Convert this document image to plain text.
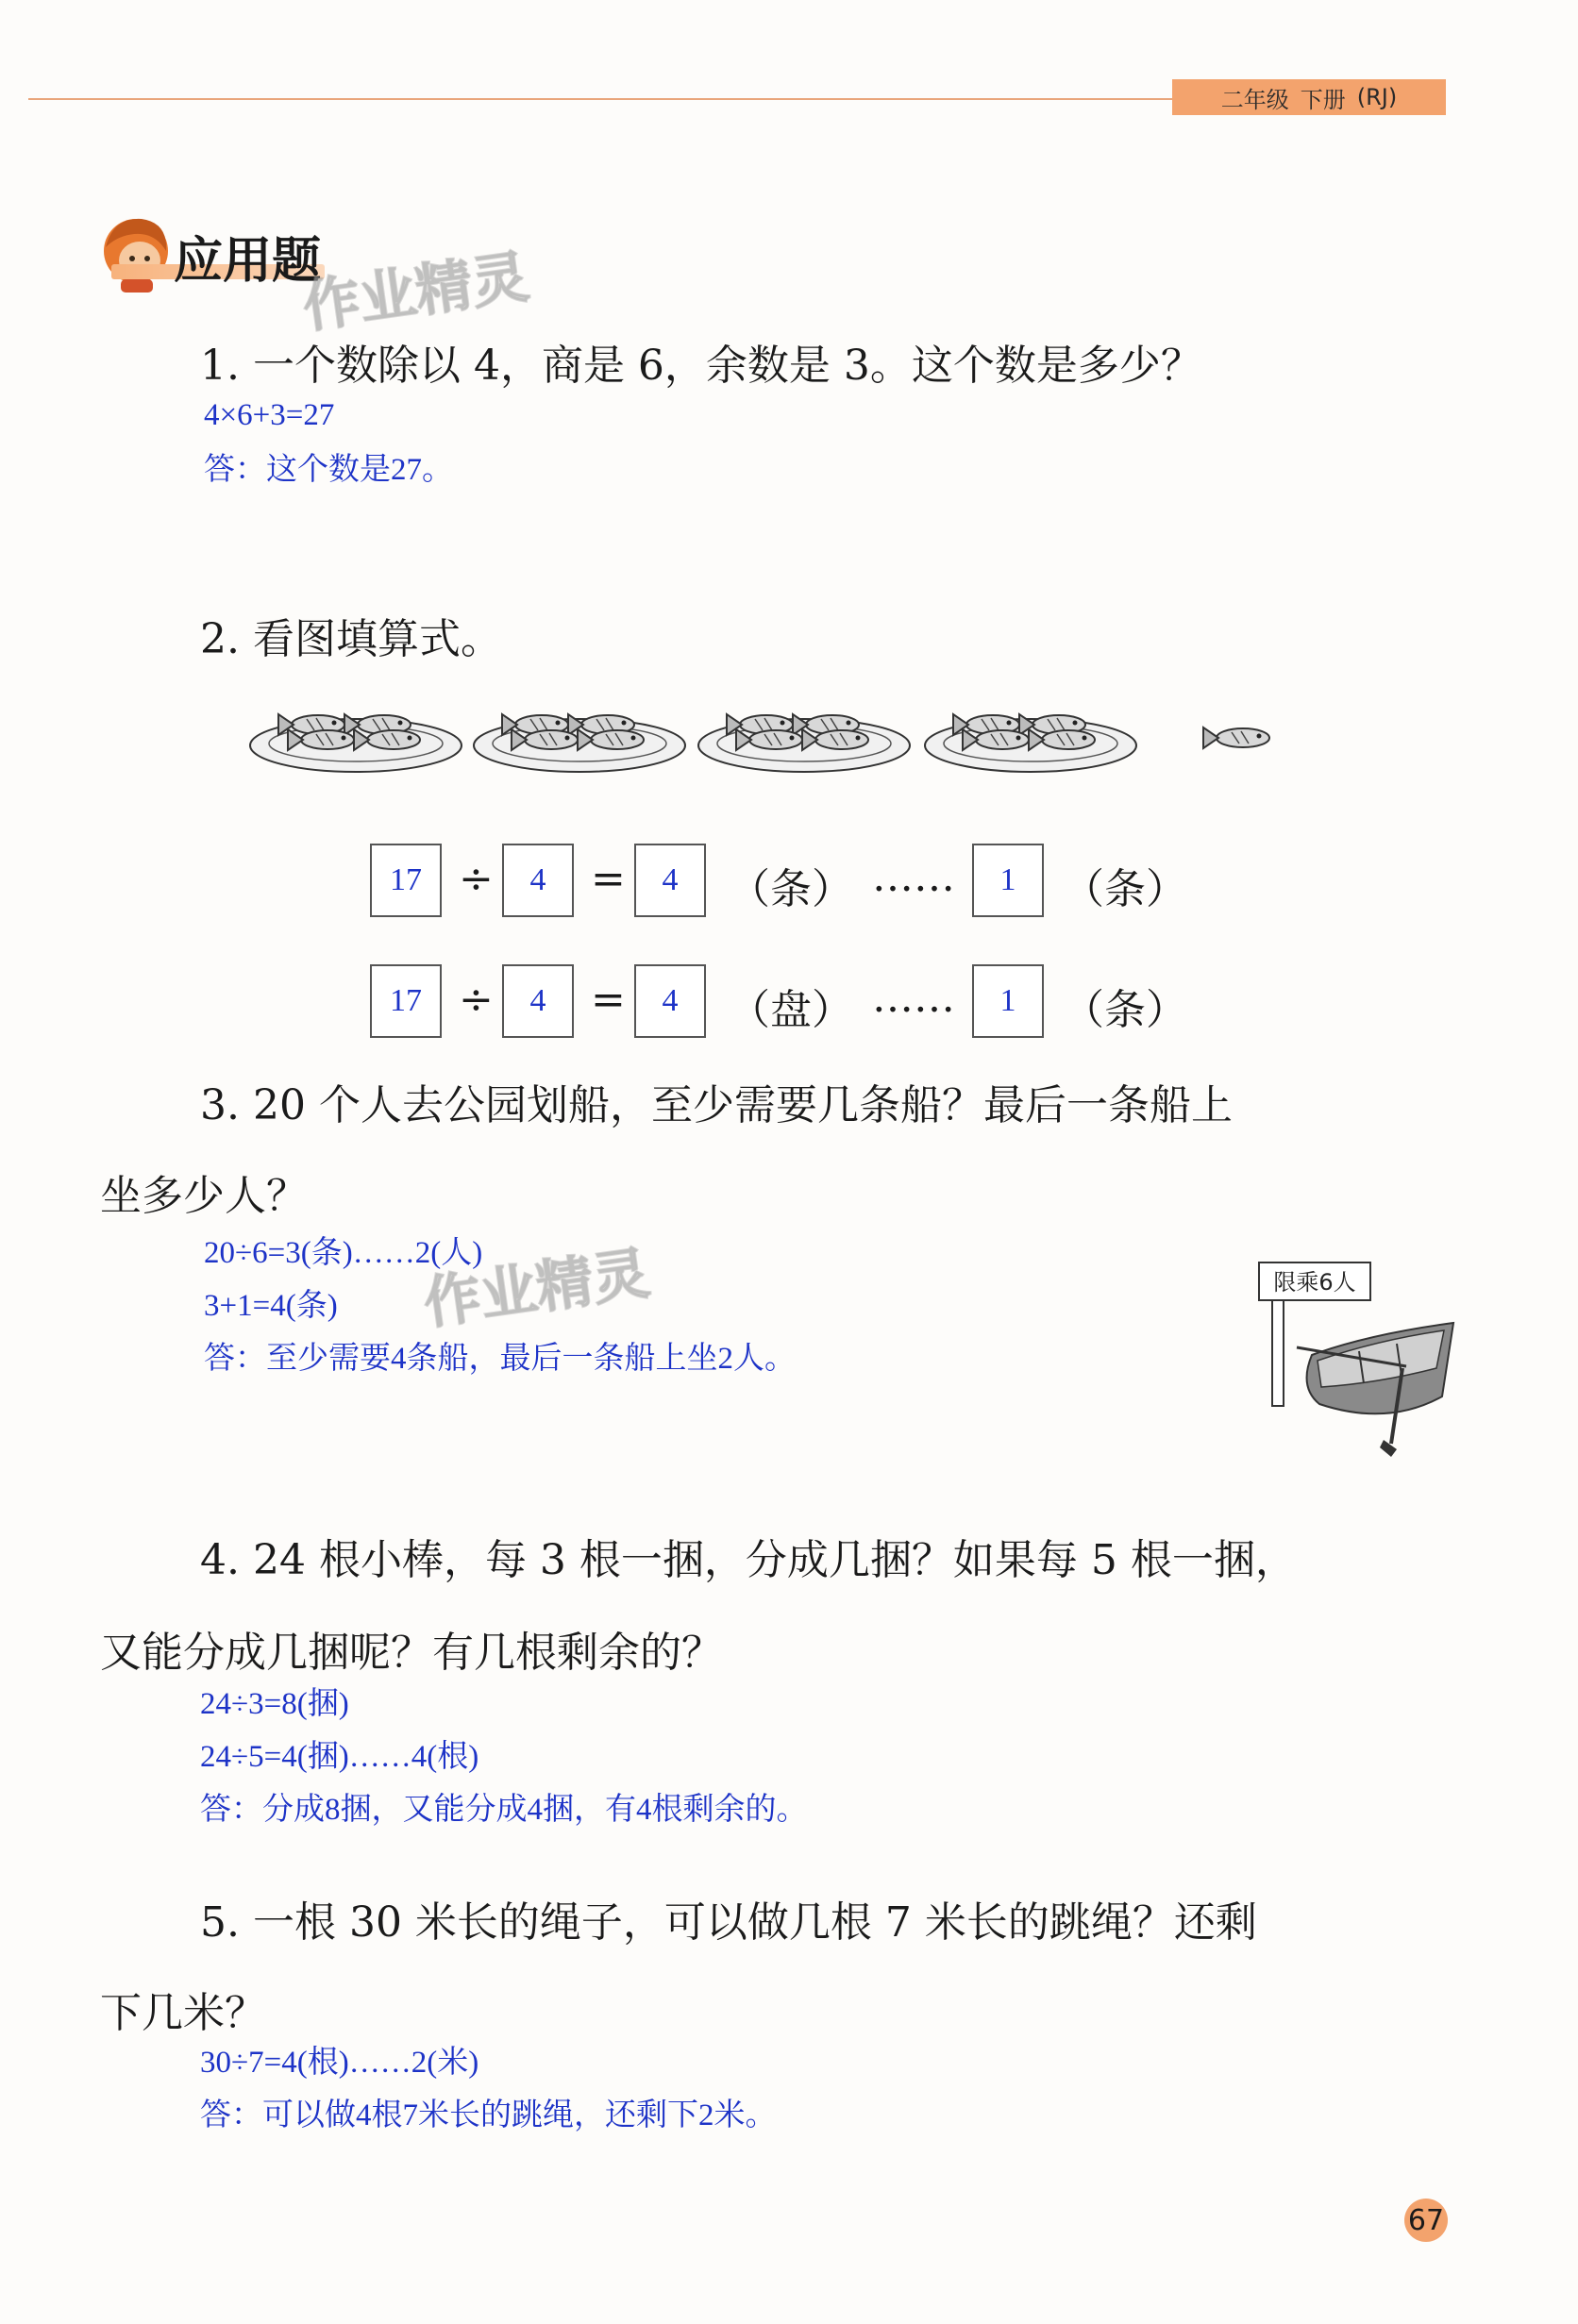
二年级 下册 (RJ)
应用题
作业精灵
1. 一个数除以 4，商是 6，余数是 3。这个数是多少？
4×6+3=27
答：这个数是27。
2. 看图填算式。
17 ÷	4	=	4	（条） ……	1	（条）
17 ÷	4	=	4	（盘） ……	1	（条）
3. 20 个人去公园划船，至少需要几条船？最后一条船上
坐多少人？
20÷6=3(条)……2(人)
作业精灵
3+1=4(条)
答：至少需要4条船，最后一条船上坐2人。
限乘6人
4. 24 根小棒，每 3 根一捆，分成几捆？如果每 5 根一捆，
又能分成几捆呢？有几根剩余的？
24÷3=8(捆)
24÷5=4(捆)……4(根)
答：分成8捆，又能分成4捆，有4根剩余的。
5. 一根 30 米长的绳子，可以做几根 7 米长的跳绳？还剩
下几米？
30÷7=4(根)……2(米)
答：可以做4根7米长的跳绳，还剩下2米。
67
